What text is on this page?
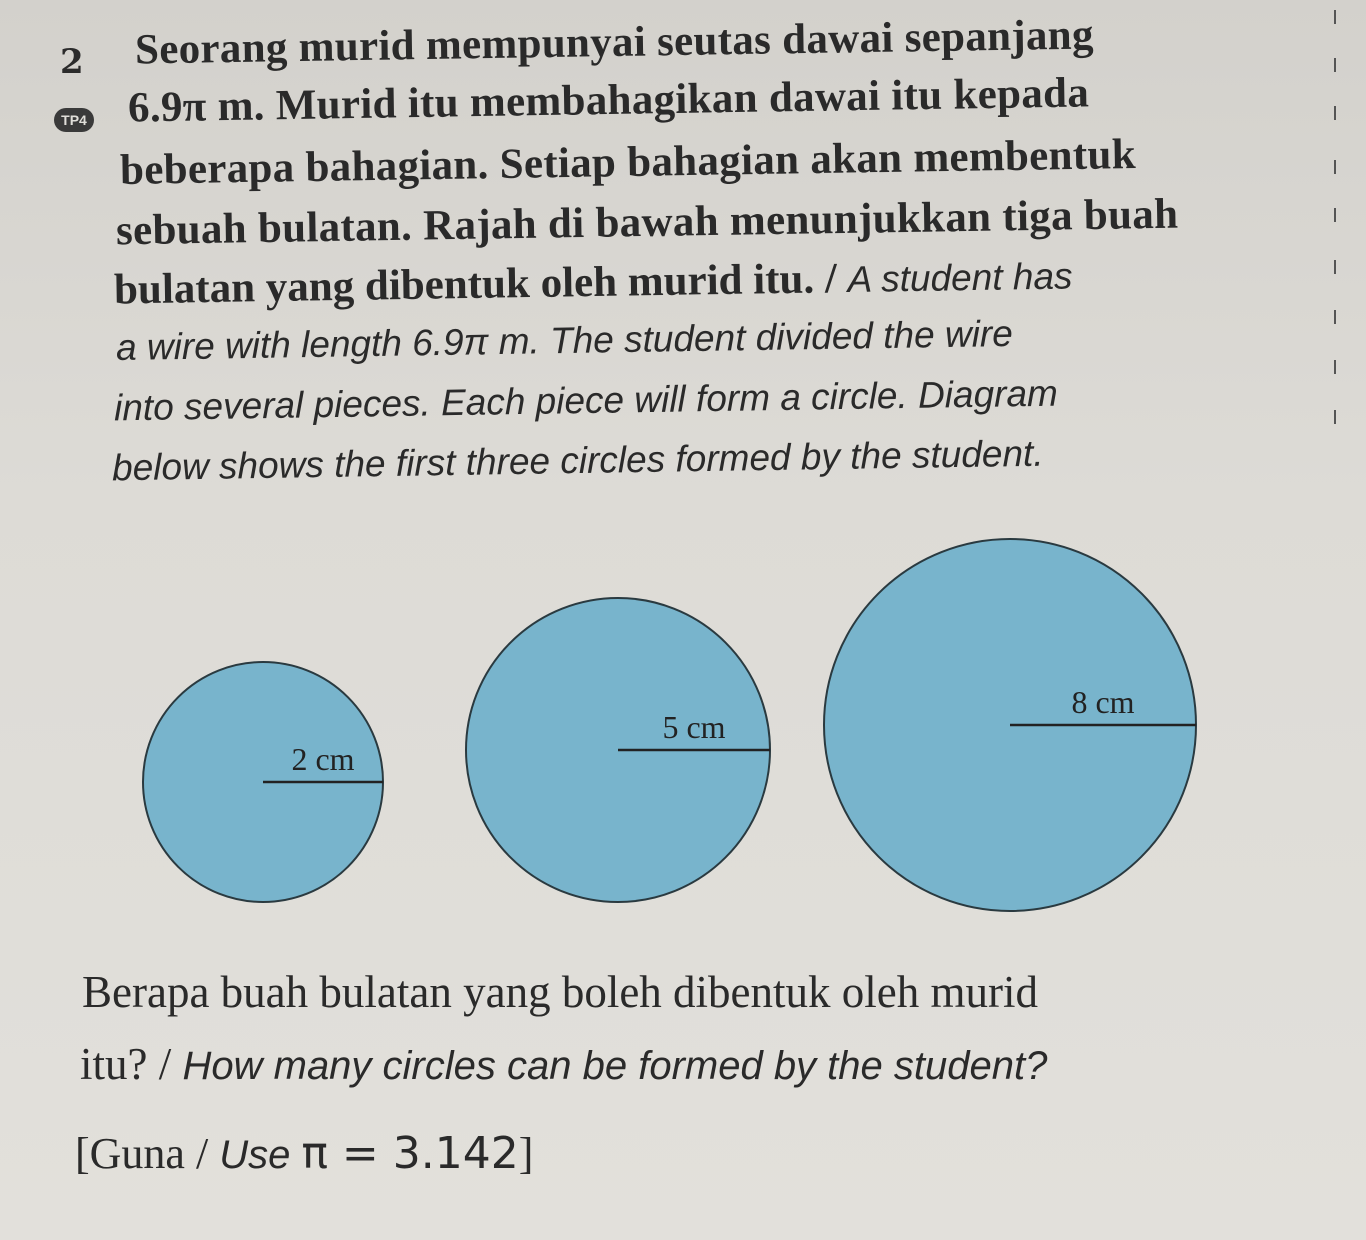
2
TP4
Seorang murid mempunyai seutas dawai sepanjang
6.9π m. Murid itu membahagikan dawai itu kepada
beberapa bahagian. Setiap bahagian akan membentuk
sebuah bulatan. Rajah di bawah menunjukkan tiga buah
bulatan yang dibentuk oleh murid itu. / A student has
a wire with length 6.9π m. The student divided the wire
into several pieces. Each piece will form a circle. Diagram
below shows the first three circles formed by the student.
2 cm
5 cm
8 cm
Berapa buah bulatan yang boleh dibentuk oleh murid
itu? / How many circles can be formed by the student?
[Guna / Use π = 3.142]
